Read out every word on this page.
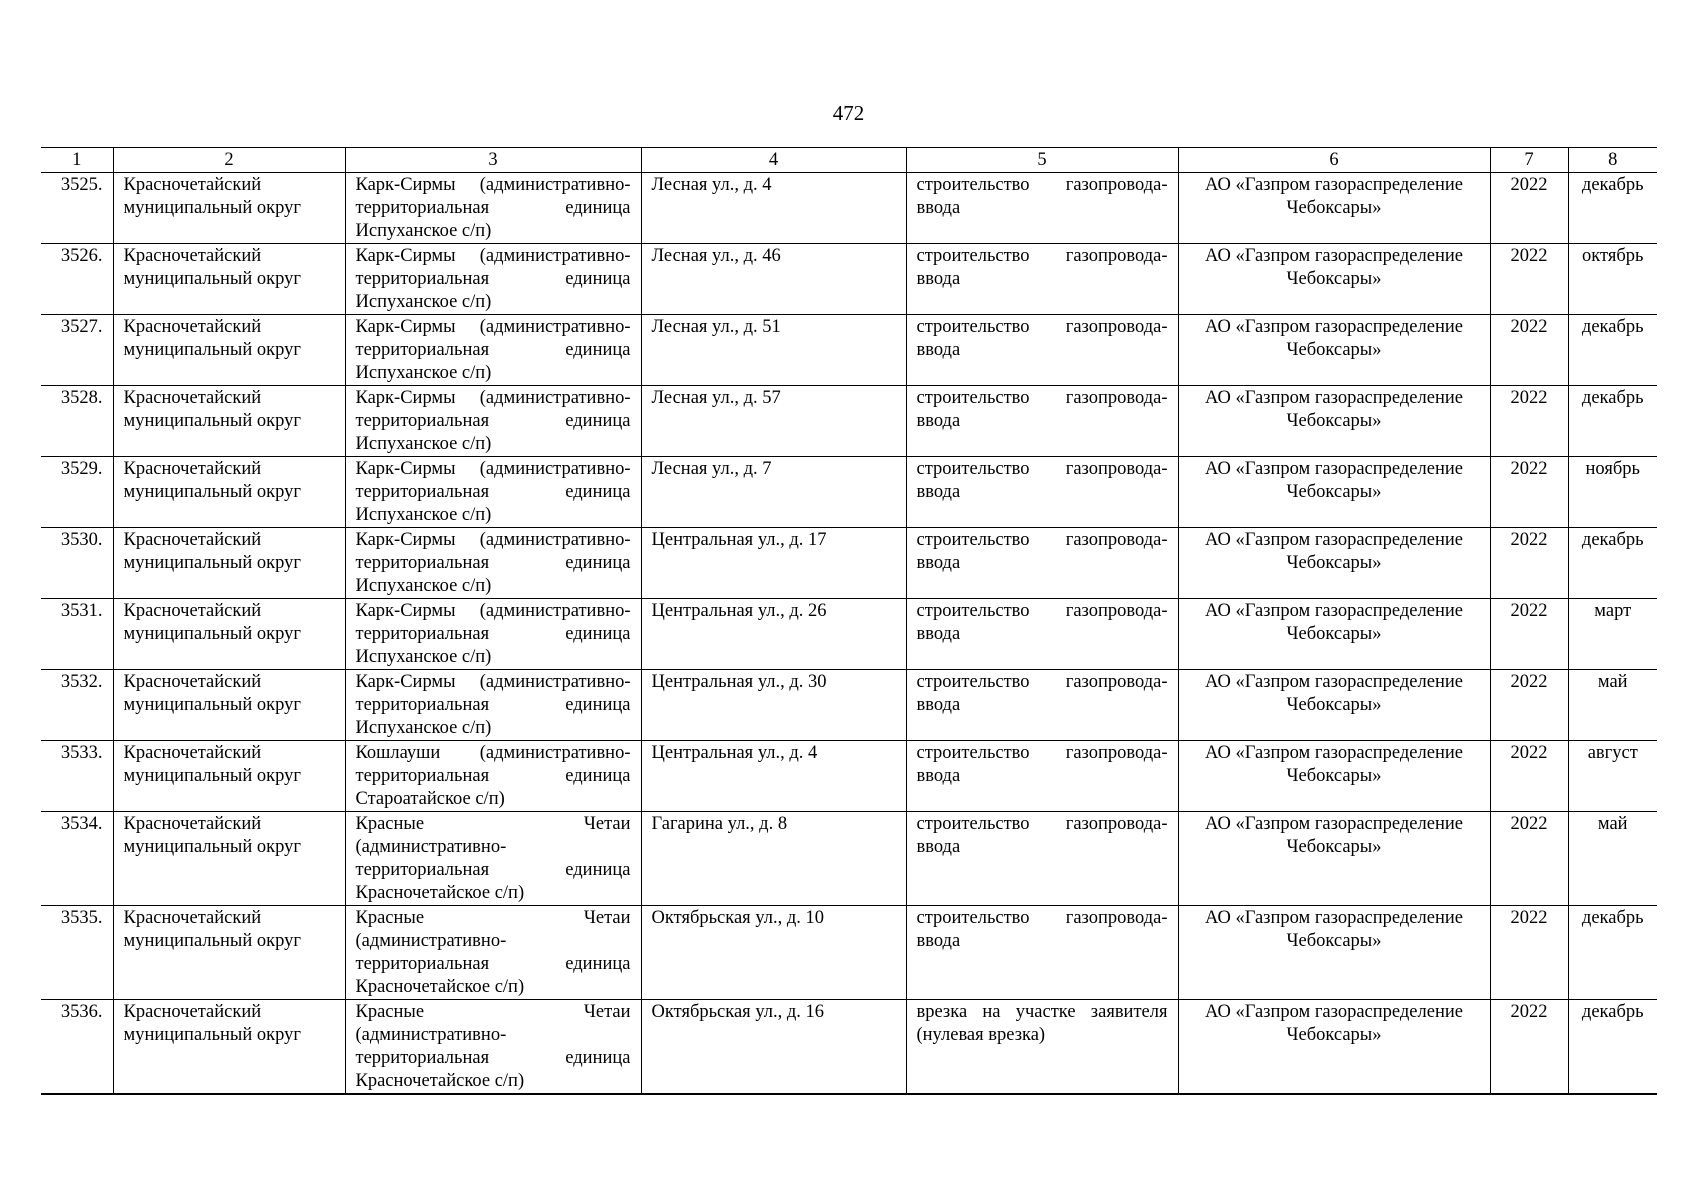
472
1	2	3	4	5	6	7	8
3525.	Красночетайский муниципальный округ	Карк-Сирмы (административно-территориальная единица Испуханское с/п)	Лесная ул., д. 4	строительство газопровода-ввода	АО «Газпром газораспределение Чебоксары»	2022	декабрь
3526.	Красночетайский муниципальный округ	Карк-Сирмы (административно-территориальная единица Испуханское с/п)	Лесная ул., д. 46	строительство газопровода-ввода	АО «Газпром газораспределение Чебоксары»	2022	октябрь
3527.	Красночетайский муниципальный округ	Карк-Сирмы (административно-территориальная единица Испуханское с/п)	Лесная ул., д. 51	строительство газопровода-ввода	АО «Газпром газораспределение Чебоксары»	2022	декабрь
3528.	Красночетайский муниципальный округ	Карк-Сирмы (административно-территориальная единица Испуханское с/п)	Лесная ул., д. 57	строительство газопровода-ввода	АО «Газпром газораспределение Чебоксары»	2022	декабрь
3529.	Красночетайский муниципальный округ	Карк-Сирмы (административно-территориальная единица Испуханское с/п)	Лесная ул., д. 7	строительство газопровода-ввода	АО «Газпром газораспределение Чебоксары»	2022	ноябрь
3530.	Красночетайский муниципальный округ	Карк-Сирмы (административно-территориальная единица Испуханское с/п)	Центральная ул., д. 17	строительство газопровода-ввода	АО «Газпром газораспределение Чебоксары»	2022	декабрь
3531.	Красночетайский муниципальный округ	Карк-Сирмы (административно-территориальная единица Испуханское с/п)	Центральная ул., д. 26	строительство газопровода-ввода	АО «Газпром газораспределение Чебоксары»	2022	март
3532.	Красночетайский муниципальный округ	Карк-Сирмы (административно-территориальная единица Испуханское с/п)	Центральная ул., д. 30	строительство газопровода-ввода	АО «Газпром газораспределение Чебоксары»	2022	май
3533.	Красночетайский муниципальный округ	Кошлауши (административно-территориальная единица Староатайское с/п)	Центральная ул., д. 4	строительство газопровода-ввода	АО «Газпром газораспределение Чебоксары»	2022	август
3534.	Красночетайский муниципальный округ	Красные Четаи (административно-территориальная единица Красночетайское с/п)	Гагарина ул., д. 8	строительство газопровода-ввода	АО «Газпром газораспределение Чебоксары»	2022	май
3535.	Красночетайский муниципальный округ	Красные Четаи (административно-территориальная единица Красночетайское с/п)	Октябрьская ул., д. 10	строительство газопровода-ввода	АО «Газпром газораспределение Чебоксары»	2022	декабрь
3536.	Красночетайский муниципальный округ	Красные Четаи (административно-территориальная единица Красночетайское с/п)	Октябрьская ул., д. 16	врезка на участке заявителя (нулевая врезка)	АО «Газпром газораспределение Чебоксары»	2022	декабрь
